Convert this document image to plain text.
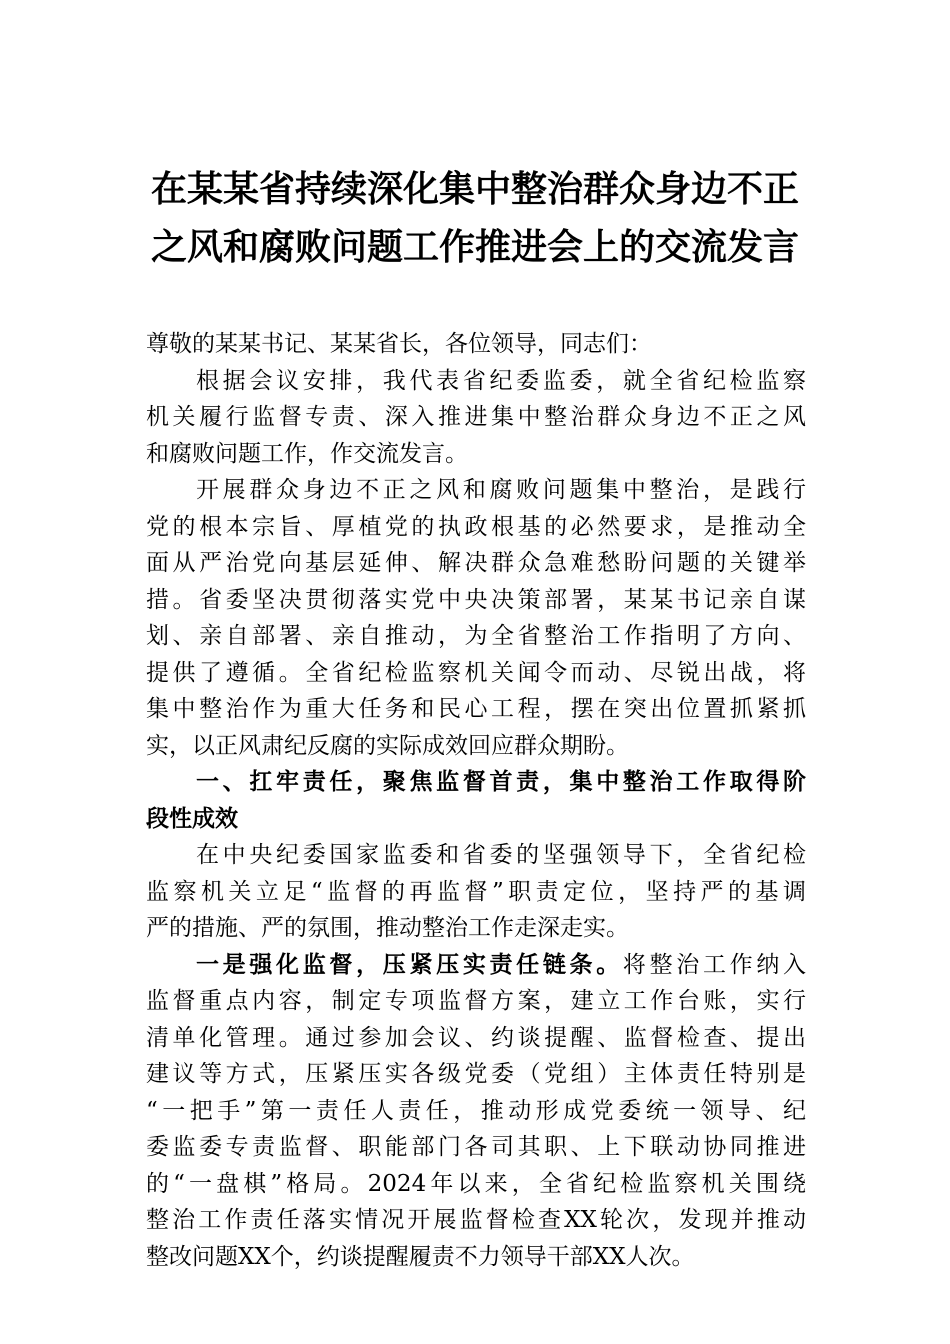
在某某省持续深化集中整治群众身边不正
之风和腐败问题工作推进会上的交流发言

尊敬的某某书记、某某省长，各位领导，同志们：

根据会议安排，我代表省纪委监委，就全省纪检监察
机关履行监督专责、深入推进集中整治群众身边不正之风
和腐败问题工作，作交流发言。

开展群众身边不正之风和腐败问题集中整治，是践行
党的根本宗旨、厚植党的执政根基的必然要求，是推动全
面从严治党向基层延伸、解决群众急难愁盼问题的关键举
措。省委坚决贯彻落实党中央决策部署，某某书记亲自谋
划、亲自部署、亲自推动，为全省整治工作指明了方向、
提供了遵循。全省纪检监察机关闻令而动、尽锐出战，将
集中整治作为重大任务和民心工程，摆在突出位置抓紧抓
实，以正风肃纪反腐的实际成效回应群众期盼。

一、扛牢责任，聚焦监督首责，集中整治工作取得阶
段性成效

在中央纪委国家监委和省委的坚强领导下，全省纪检
监察机关立足“监督的再监督”职责定位，坚持严的基调
严的措施、严的氛围，推动整治工作走深走实。

一是强化监督，压紧压实责任链条。将整治工作纳入
监督重点内容，制定专项监督方案，建立工作台账，实行
清单化管理。通过参加会议、约谈提醒、监督检查、提出
建议等方式，压紧压实各级党委（党组）主体责任特别是
“一把手”第一责任人责任，推动形成党委统一领导、纪
委监委专责监督、职能部门各司其职、上下联动协同推进
的“一盘棋”格局。2024年以来，全省纪检监察机关围绕
整治工作责任落实情况开展监督检查XX轮次，发现并推动
整改问题XX个，约谈提醒履责不力领导干部XX人次。
